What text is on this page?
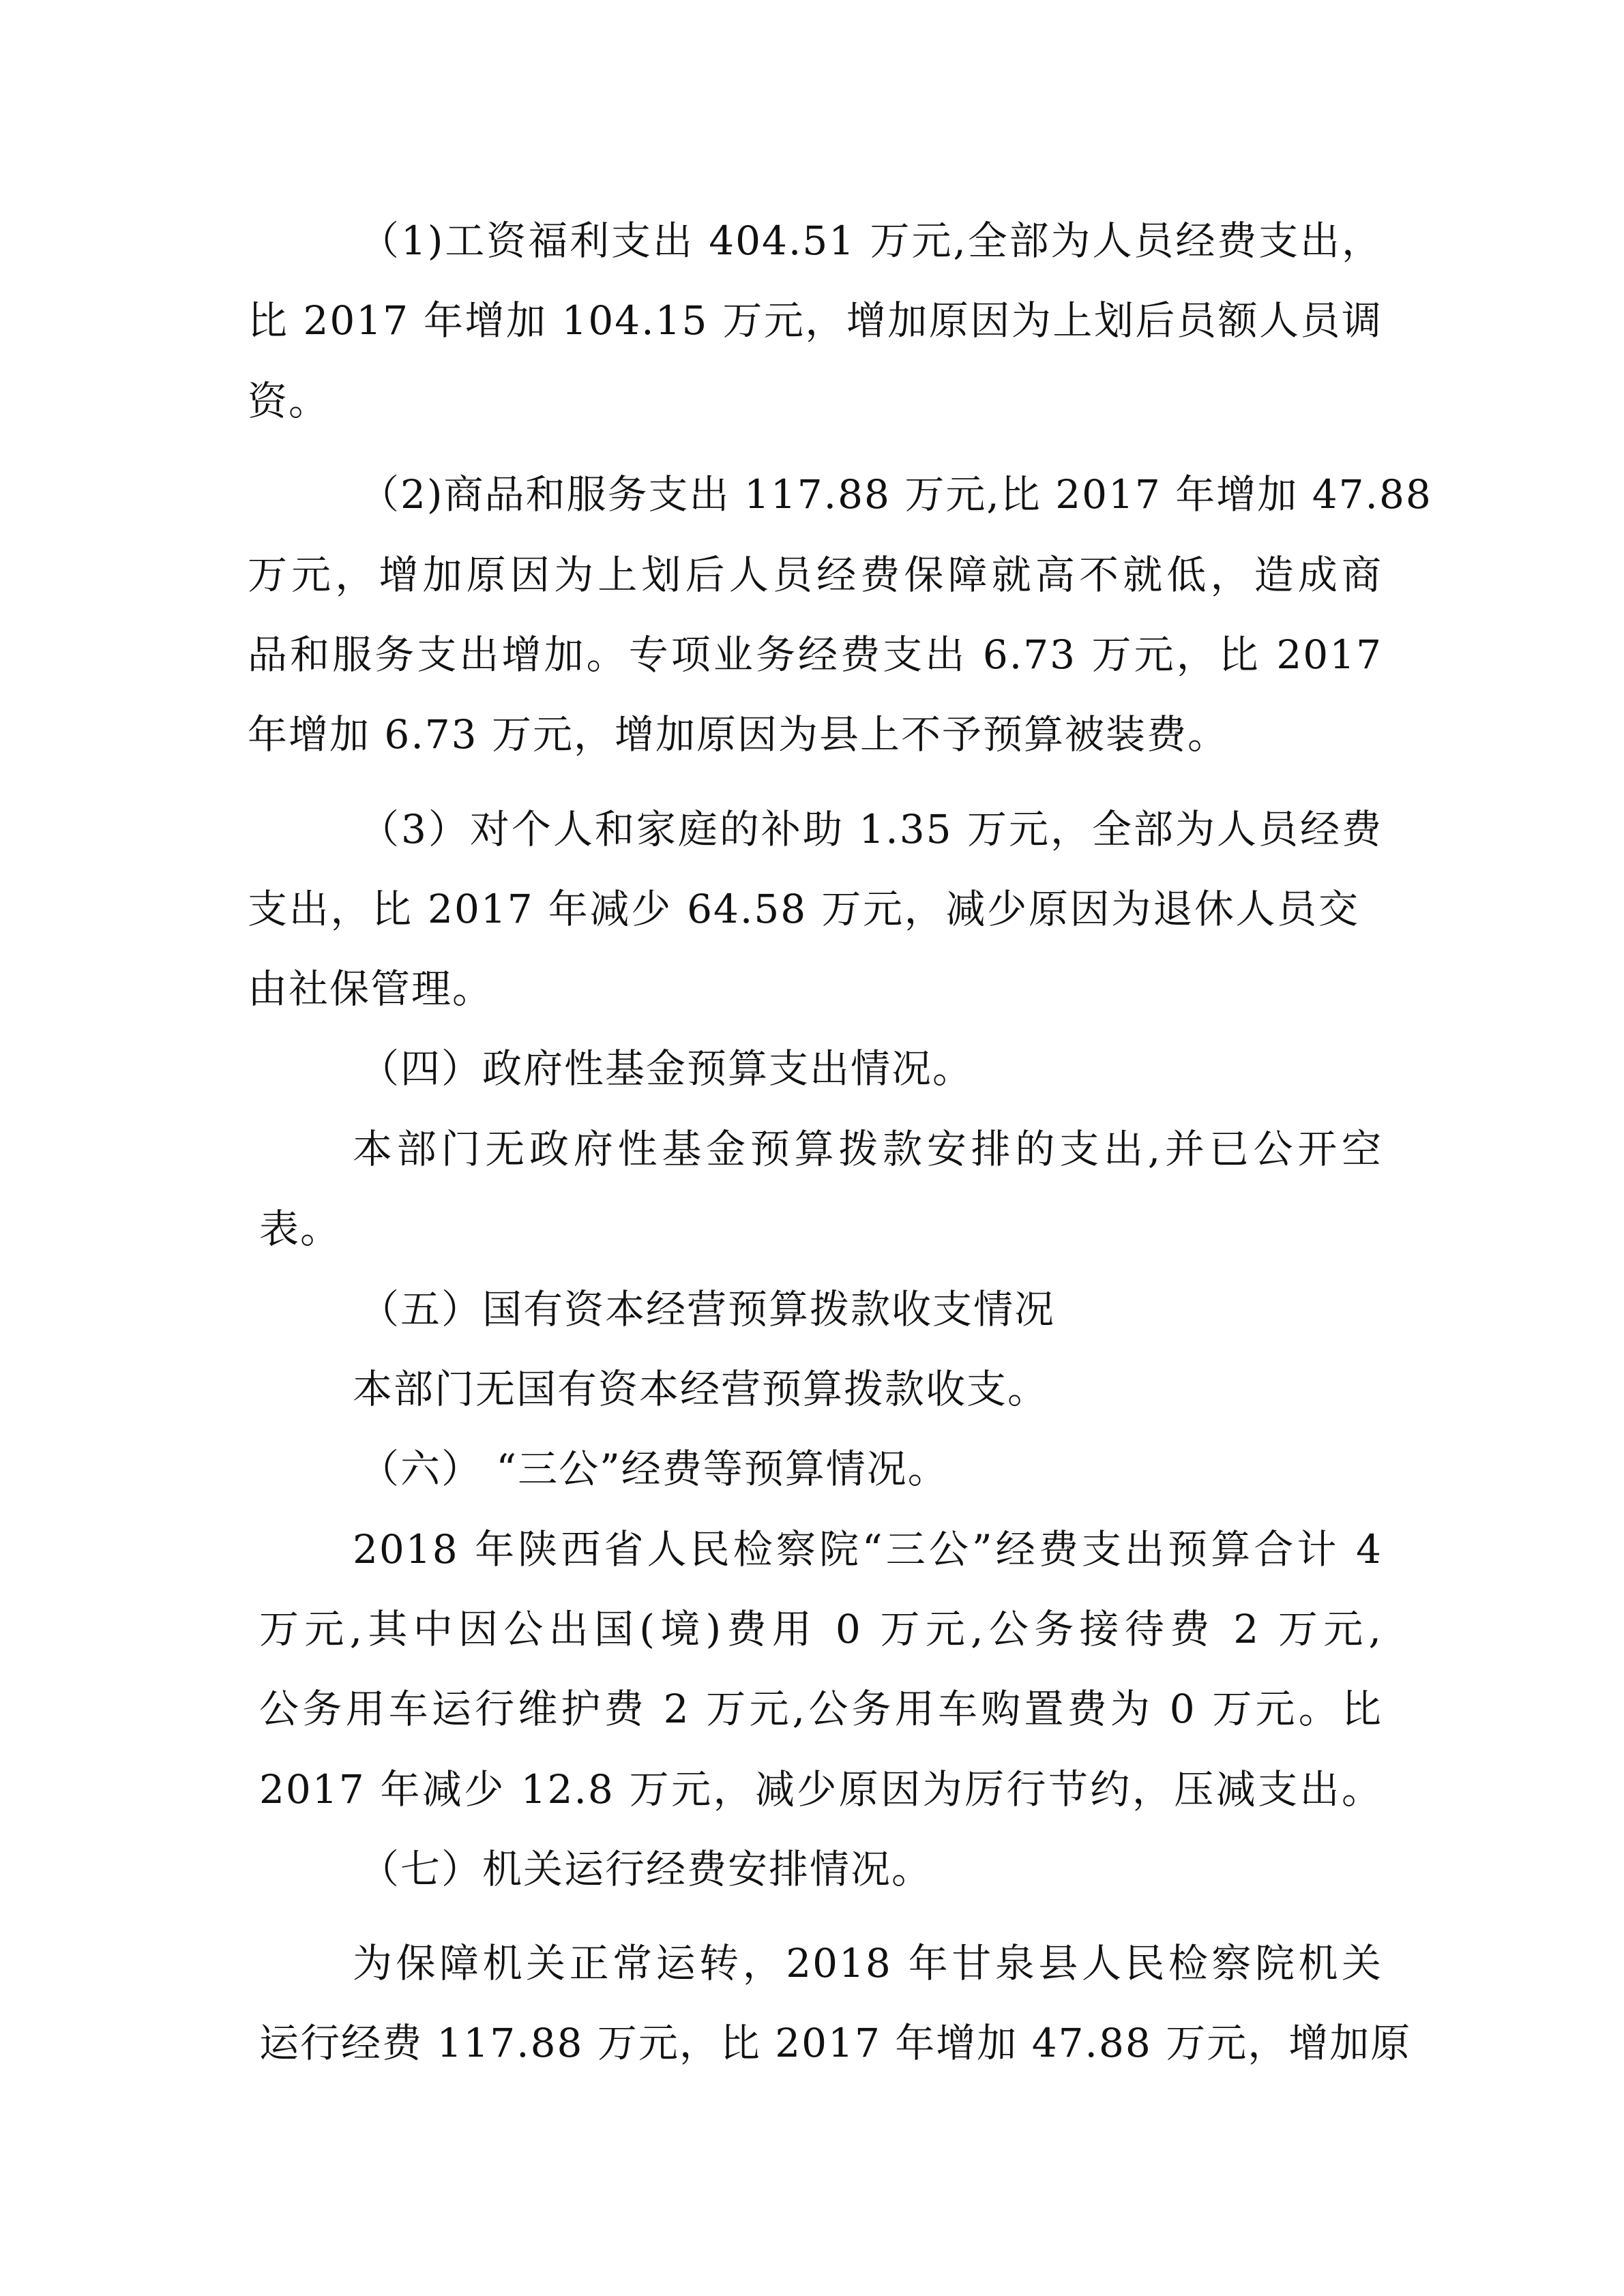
（1)工资福利支出 404.51 万元,全部为人员经费支出，
比 2017 年增加 104.15 万元，增加原因为上划后员额人员调
资。
（2)商品和服务支出 117.88 万元,比 2017 年增加 47.88
万元，增加原因为上划后人员经费保障就高不就低，造成商
品和服务支出增加。专项业务经费支出 6.73 万元，比 2017
年增加 6.73 万元，增加原因为县上不予预算被装费。
（3）对个人和家庭的补助 1.35 万元，全部为人员经费
支出，比 2017 年减少 64.58 万元，减少原因为退休人员交
由社保管理。
（四）政府性基金预算支出情况。
本部门无政府性基金预算拨款安排的支出,并已公开空
表。
（五）国有资本经营预算拨款收支情况
本部门无国有资本经营预算拨款收支。
（六） “三公”经费等预算情况。
2018 年陕西省人民检察院“三公”经费支出预算合计 4
万元,其中因公出国(境)费用 0 万元,公务接待费 2 万元,
公务用车运行维护费 2 万元,公务用车购置费为 0 万元。比
2017 年减少 12.8 万元，减少原因为厉行节约，压减支出。
（七）机关运行经费安排情况。
为保障机关正常运转，2018 年甘泉县人民检察院机关
运行经费 117.88 万元，比 2017 年增加 47.88 万元，增加原
